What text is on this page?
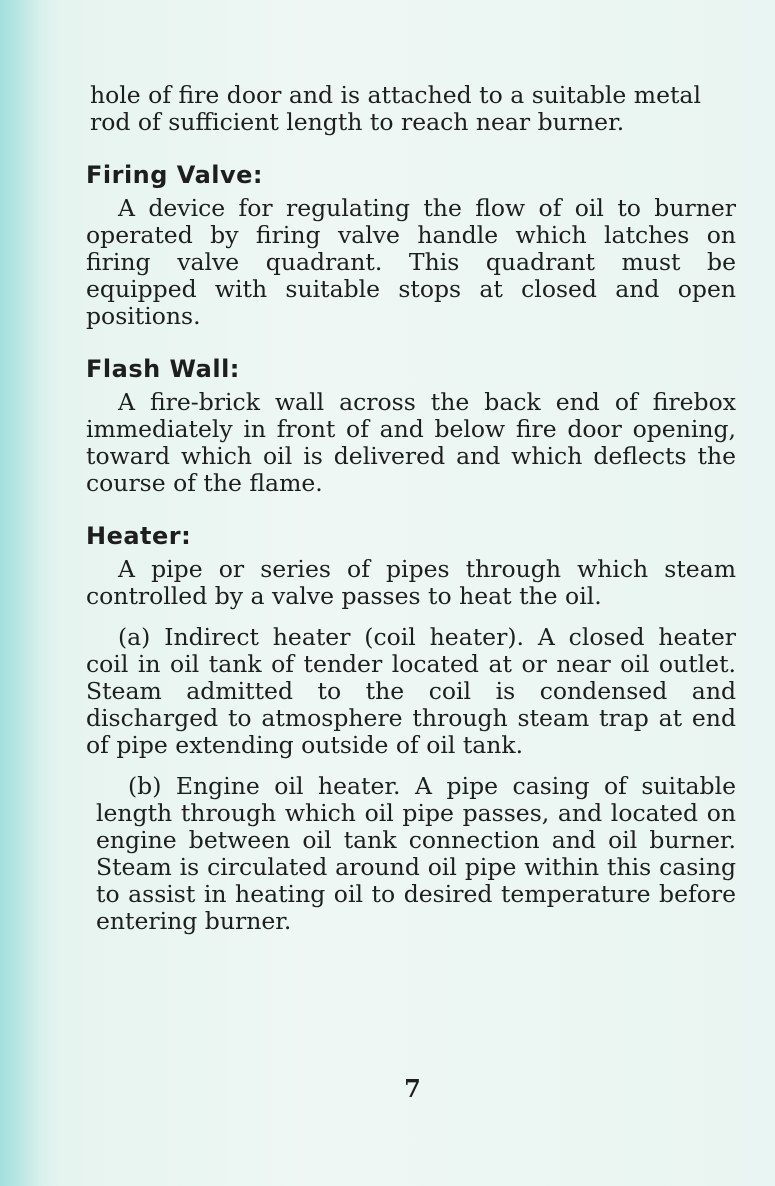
hole of fire door and is attached to a suitable metal rod of sufficient length to reach near burner.

Firing Valve:

A device for regulating the flow of oil to burner operated by firing valve handle which latches on firing valve quadrant. This quadrant must be equipped with suitable stops at closed and open positions.

Flash Wall:

A fire-brick wall across the back end of firebox immediately in front of and below fire door opening, toward which oil is delivered and which deflects the course of the flame.

Heater:

A pipe or series of pipes through which steam controlled by a valve passes to heat the oil.

(a) Indirect heater (coil heater). A closed heater coil in oil tank of tender located at or near oil outlet. Steam admitted to the coil is condensed and discharged to atmosphere through steam trap at end of pipe extending outside of oil tank.

(b) Engine oil heater. A pipe casing of suitable length through which oil pipe passes, and located on engine between oil tank connection and oil burner. Steam is circulated around oil pipe within this casing to assist in heating oil to desired temperature before entering burner.

7
